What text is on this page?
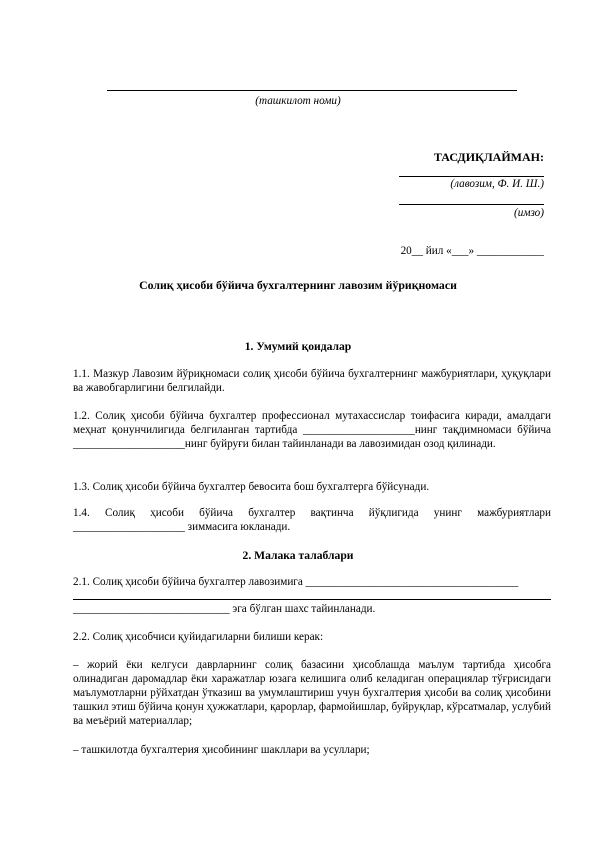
(ташкилот номи)
ТАСДИҚЛАЙМАН:
(лавозим, Ф. И. Ш.)
(имзо)
20__ йил «___» ____________
Солиқ ҳисоби бўйича бухгалтернинг лавозим йўриқномаси
1. Умумий қоидалар
1.1. Мазкур Лавозим йўриқномаси солиқ ҳисоби бўйича бухгалтернинг мажбуриятлари, ҳуқуқлари ва жавобгарлигини белгилайди.
1.2. Солиқ ҳисоби бўйича бухгалтер профессионал мутахассислар тоифасига киради, амалдаги меҳнат қонунчилигида белгиланган тартибда ____________________нинг тақдимномаси бўйича ____________________нинг буйруғи билан тайинланади ва лавозимидан озод қилинади.
1.3. Солиқ ҳисоби бўйича бухгалтер бевосита бош бухгалтерга бўйсунади.
1.4. Солиқ ҳисоби бўйича бухгалтер вақтинча йўқлигида унинг мажбуриятлари ____________________ зиммасига юкланади.
2. Малака талаблари
2.1. Солиқ ҳисоби бўйича бухгалтер лавозимига ______________________________________
____________________________ эга бўлган шахс тайинланади.
2.2. Солиқ ҳисобчиси қуйидагиларни билиши керак:
– жорий ёки келгуси даврларнинг солиқ базасини ҳисоблашда маълум тартибда ҳисобга олинадиган даромадлар ёки харажатлар юзага келишига олиб келадиган операциялар тўғрисидаги маълумотларни рўйхатдан ўтказиш ва умумлаштириш учун бухгалтерия ҳисоби ва солиқ ҳисобини ташкил этиш бўйича қонун ҳужжатлари, қарорлар, фармойишлар, буйруқлар, кўрсатмалар, услубий ва меъёрий материаллар;
– ташкилотда бухгалтерия ҳисобининг шакллари ва усуллари;
